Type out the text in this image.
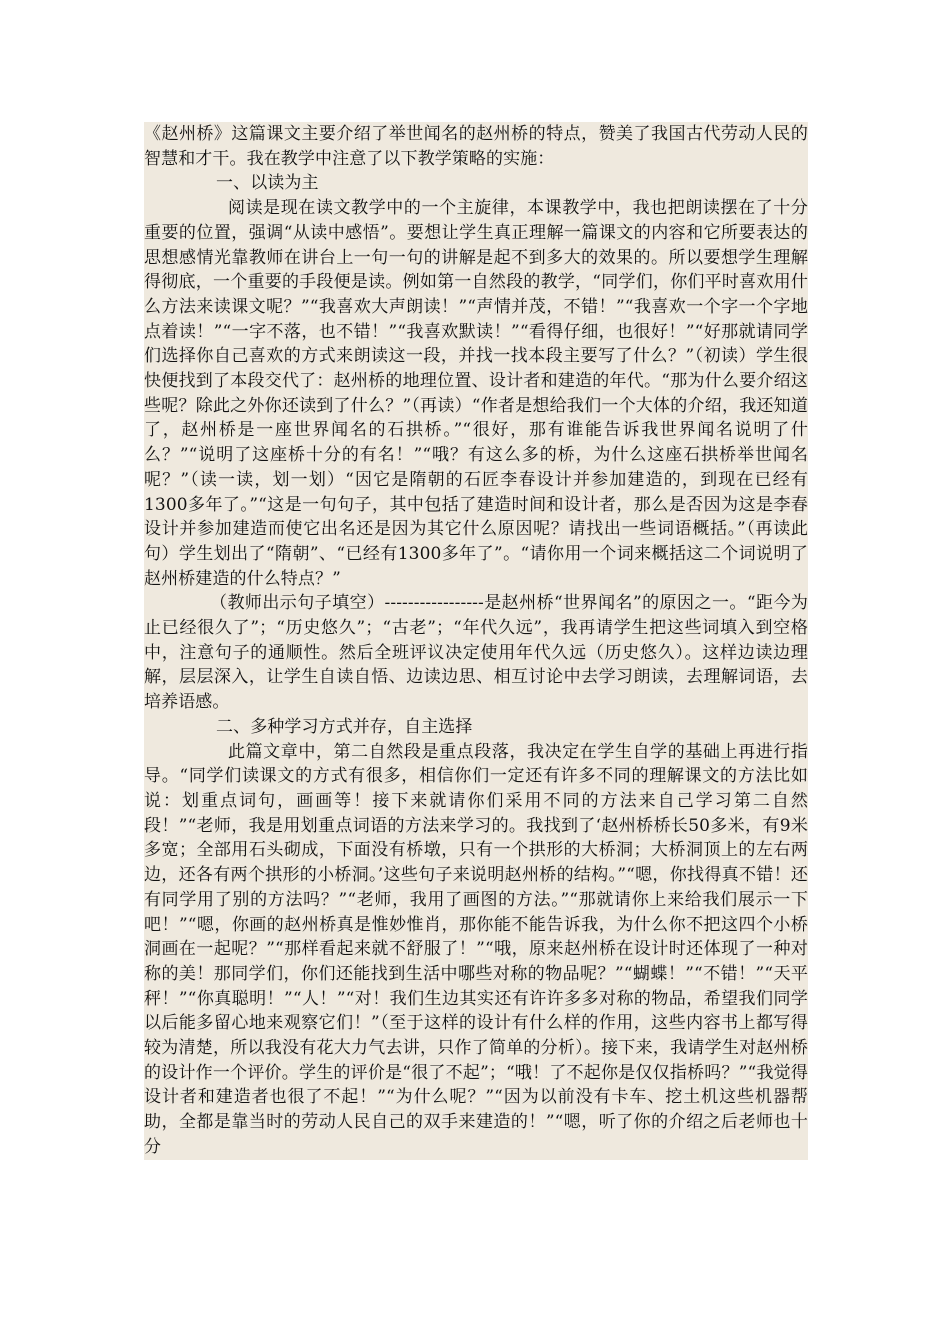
《赵州桥》这篇课文主要介绍了举世闻名的赵州桥的特点，赞美了我国古代劳动人民的智慧和才干。我在教学中注意了以下教学策略的实施：

一、以读为主

阅读是现在读文教学中的一个主旋律，本课教学中，我也把朗读摆在了十分重要的位置，强调“从读中感悟”。要想让学生真正理解一篇课文的内容和它所要表达的思想感情光靠教师在讲台上一句一句的讲解是起不到多大的效果的。所以要想学生理解得彻底，一个重要的手段便是读。例如第一自然段的教学，“同学们，你们平时喜欢用什么方法来读课文呢？”“我喜欢大声朗读！”“声情并茂，不错！”“我喜欢一个字一个字地点着读！”“一字不落，也不错！”“我喜欢默读！”“看得仔细，也很好！”“好那就请同学们选择你自己喜欢的方式来朗读这一段，并找一找本段主要写了什么？”（初读）学生很快便找到了本段交代了：赵州桥的地理位置、设计者和建造的年代。“那为什么要介绍这些呢？除此之外你还读到了什么？”（再读）“作者是想给我们一个大体的介绍，我还知道了，赵州桥是一座世界闻名的石拱桥。”“很好，那有谁能告诉我世界闻名说明了什么？”“说明了这座桥十分的有名！”“哦？有这么多的桥，为什么这座石拱桥举世闻名呢？”（读一读，划一划）“因它是隋朝的石匠李春设计并参加建造的，到现在已经有1300多年了。”“这是一句句子，其中包括了建造时间和设计者，那么是否因为这是李春设计并参加建造而使它出名还是因为其它什么原因呢？请找出一些词语概括。”（再读此句）学生划出了“隋朝”、“已经有1300多年了”。“请你用一个词来概括这二个词说明了赵州桥建造的什么特点？”

（教师出示句子填空）-----------------是赵州桥“世界闻名”的原因之一。“距今为止已经很久了”；“历史悠久”；“古老”；“年代久远”，我再请学生把这些词填入到空格中，注意句子的通顺性。然后全班评议决定使用年代久远（历史悠久）。这样边读边理解，层层深入，让学生自读自悟、边读边思、相互讨论中去学习朗读，去理解词语，去培养语感。

二、多种学习方式并存，自主选择

此篇文章中，第二自然段是重点段落，我决定在学生自学的基础上再进行指导。“同学们读课文的方式有很多，相信你们一定还有许多不同的理解课文的方法比如说：划重点词句，画画等！接下来就请你们采用不同的方法来自己学习第二自然段！”“老师，我是用划重点词语的方法来学习的。我找到了‘赵州桥桥长50多米，有9米多宽；全部用石头砌成，下面没有桥墩，只有一个拱形的大桥洞；大桥洞顶上的左右两边，还各有两个拱形的小桥洞。’这些句子来说明赵州桥的结构。”“嗯，你找得真不错！还有同学用了别的方法吗？”“老师，我用了画图的方法。”“那就请你上来给我们展示一下吧！”“嗯，你画的赵州桥真是惟妙惟肖，那你能不能告诉我，为什么你不把这四个小桥洞画在一起呢？”“那样看起来就不舒服了！”“哦，原来赵州桥在设计时还体现了一种对称的美！那同学们，你们还能找到生活中哪些对称的物品呢？”“蝴蝶！”“不错！”“天平秤！”“你真聪明！”“人！”“对！我们生边其实还有许许多多对称的物品，希望我们同学以后能多留心地来观察它们！”（至于这样的设计有什么样的作用，这些内容书上都写得较为清楚，所以我没有花大力气去讲，只作了简单的分析）。接下来，我请学生对赵州桥的设计作一个评价。学生的评价是“很了不起”；“哦！了不起你是仅仅指桥吗？”“我觉得设计者和建造者也很了不起！”“为什么呢？”“因为以前没有卡车、挖土机这些机器帮助，全都是靠当时的劳动人民自己的双手来建造的！”“嗯，听了你的介绍之后老师也十分
